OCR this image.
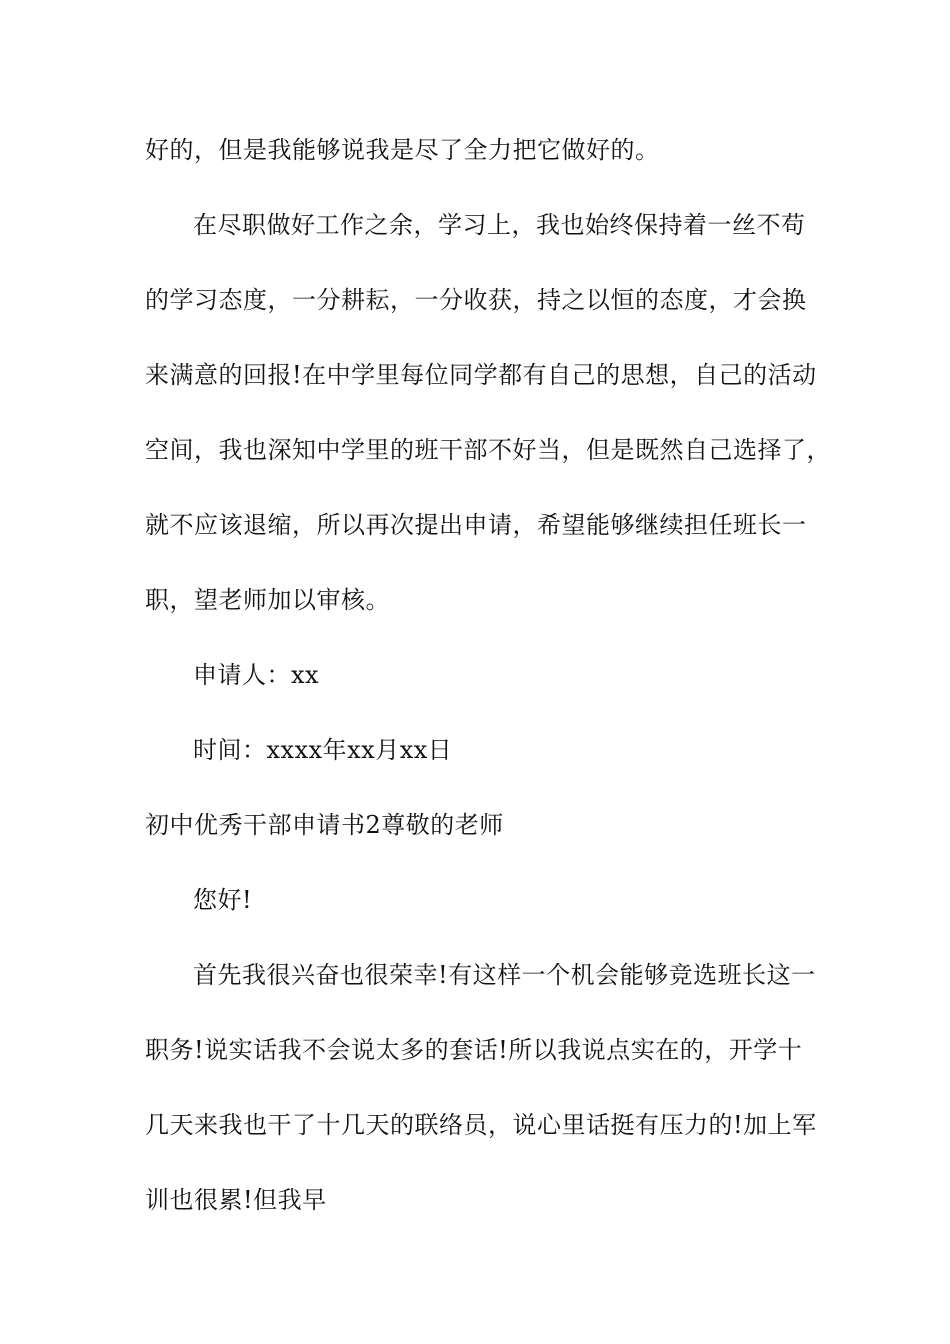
好的，但是我能够说我是尽了全力把它做好的。
在尽职做好工作之余，学习上，我也始终保持着一丝不苟
的学习态度，一分耕耘，一分收获，持之以恒的态度，才会换
来满意的回报!在中学里每位同学都有自己的思想，自己的活动
空间，我也深知中学里的班干部不好当，但是既然自己选择了，
就不应该退缩，所以再次提出申请，希望能够继续担任班长一
职，望老师加以审核。
申请人：xx
时间：xxxx年xx月xx日
初中优秀干部申请书2尊敬的老师
您好!
首先我很兴奋也很荣幸!有这样一个机会能够竞选班长这一
职务!说实话我不会说太多的套话!所以我说点实在的，开学十
几天来我也干了十几天的联络员，说心里话挺有压力的!加上军
训也很累!但我早
